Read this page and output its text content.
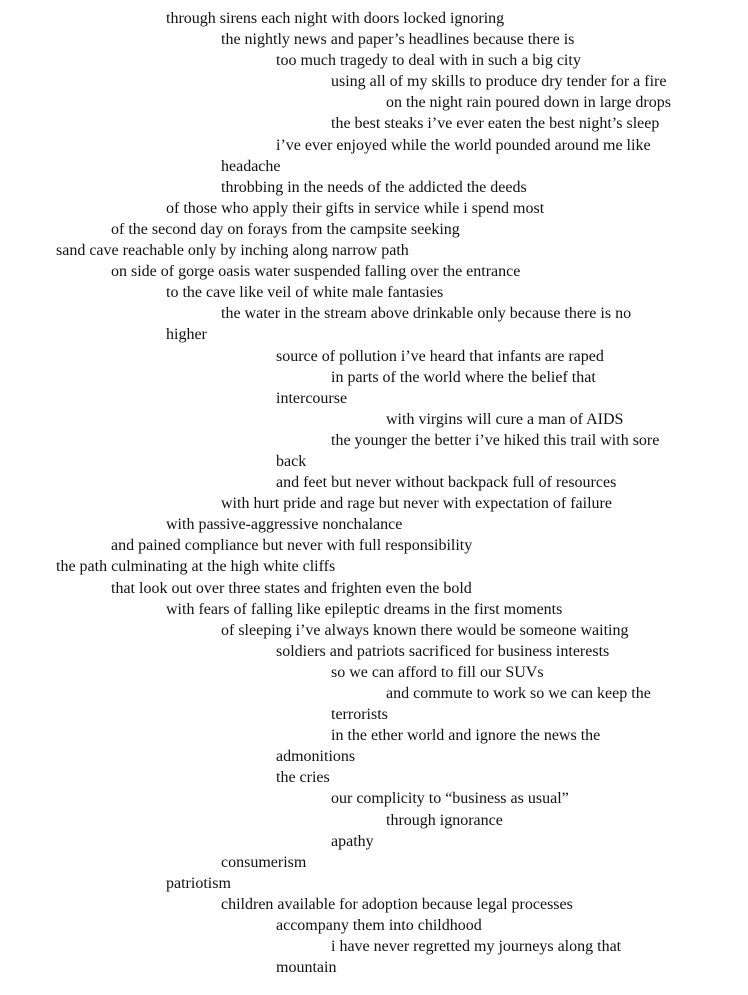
through sirens each night with doors locked ignoring
the nightly news and paper’s headlines because there is
too much tragedy to deal with in such a big city
using all of my skills to produce dry tender for a fire
on the night rain poured down in large drops
the best steaks i’ve ever eaten the best night’s sleep
i’ve ever enjoyed while the world pounded around me like
headache
throbbing in the needs of the addicted the deeds
of those who apply their gifts in service while i spend most
of the second day on forays from the campsite seeking
sand cave reachable only by inching along narrow path
on side of gorge oasis water suspended falling over the entrance
to the cave like veil of white male fantasies
the water in the stream above drinkable only because there is no
higher
source of pollution i’ve heard that infants are raped
in parts of the world where the belief that
intercourse
with virgins will cure a man of AIDS
the younger the better i’ve hiked this trail with sore
back
and feet but never without backpack full of resources
with hurt pride and rage but never with expectation of failure
with passive-aggressive nonchalance
and pained compliance but never with full responsibility
the path culminating at the high white cliffs
that look out over three states and frighten even the bold
with fears of falling like epileptic dreams in the first moments
of sleeping i’ve always known there would be someone waiting
soldiers and patriots sacrificed for business interests
so we can afford to fill our SUVs
and commute to work so we can keep the
terrorists
in the ether world and ignore the news the
admonitions
the cries
our complicity to “business as usual”
through ignorance
apathy
consumerism
patriotism
children available for adoption because legal processes
accompany them into childhood
i have never regretted my journeys along that
mountain
